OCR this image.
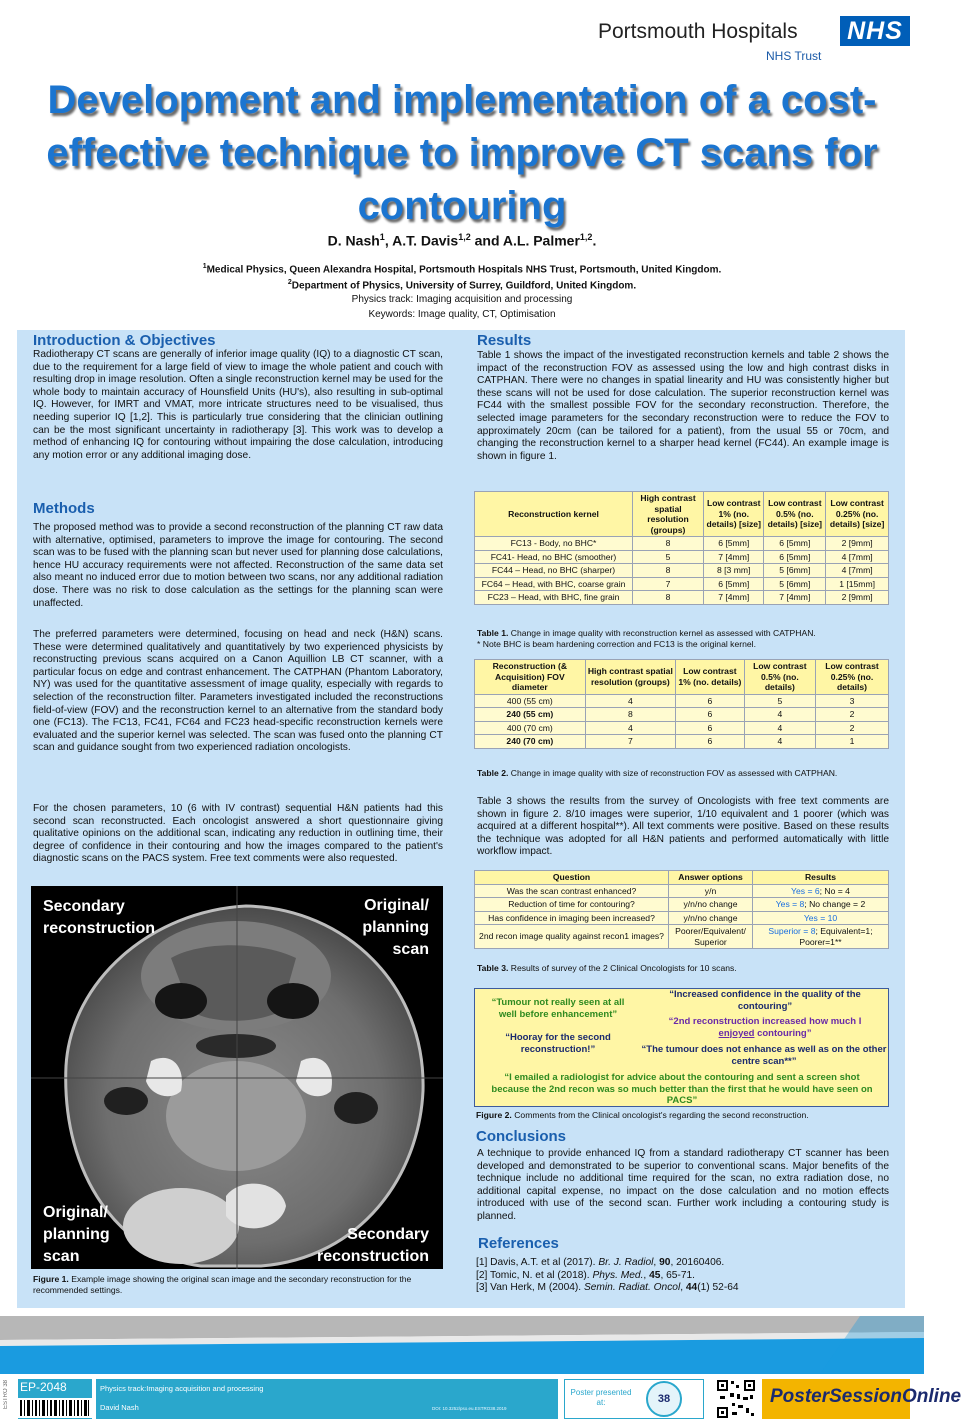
Portsmouth Hospitals
NHS Trust
NHS
Development and implementation of a cost-effective technique to improve CT scans for contouring
D. Nash$^1$, A.T. Davis$^{1,2}$ and A.L. Palmer$^{1,2}$.
$^1$Medical Physics, Queen Alexandra Hospital, Portsmouth Hospitals NHS Trust, Portsmouth, United Kingdom.
$^2$Department of Physics, University of Surrey, Guildford, United Kingdom.
Physics track: Imaging acquisition and processing
Keywords: Image quality, CT, Optimisation
Introduction & Objectives
Radiotherapy CT scans are generally of inferior image quality (IQ) to a diagnostic CT scan, due to the requirement for a large field of view to image the whole patient and couch with resulting drop in image resolution. Often a single reconstruction kernel may be used for the whole body to maintain accuracy of Hounsfield Units (HU's), also resulting in sub-optimal IQ. However, for IMRT and VMAT, more intricate structures need to be visualised, thus needing superior IQ [1,2]. This is particularly true considering that the clinician outlining can be the most significant uncertainty in radiotherapy [3]. This work was to develop a method of enhancing IQ for contouring without impairing the dose calculation, introducing any motion error or any additional imaging dose.
Methods
The proposed method was to provide a second reconstruction of the planning CT raw data with alternative, optimised, parameters to improve the image for contouring. The second scan was to be fused with the planning scan but never used for planning dose calculations, hence HU accuracy requirements were not affected. Reconstruction of the same data set also meant no induced error due to motion between two scans, nor any additional radiation dose. There was no risk to dose calculation as the settings for the planning scan were unaffected.
The preferred parameters were determined, focusing on head and neck (H&N) scans. These were determined qualitatively and quantitatively by two experienced physicists by reconstructing previous scans acquired on a Canon Aquillion LB CT scanner, with a particular focus on edge and contrast enhancement. The CATPHAN (Phantom Laboratory, NY) was used for the quantitative assessment of image quality, especially with regards to selection of the reconstruction filter. Parameters investigated included the reconstructions field-of-view (FOV) and the reconstruction kernel to an alternative from the standard body one (FC13). The FC13, FC41, FC64 and FC23 head-specific reconstruction kernels were evaluated and the superior kernel was selected. The scan was fused onto the planning CT scan and guidance sought from two experienced radiation oncologists.
For the chosen parameters, 10 (6 with IV contrast) sequential H&N patients had this second scan reconstructed. Each oncologist answered a short questionnaire giving qualitative opinions on the additional scan, indicating any reduction in outlining time, their degree of confidence in their contouring and how the images compared to the patient's diagnostic scans on the PACS system. Free text comments were also requested.
Secondary
reconstruction
Original/
planning
scan
Original/
planning
scan
Secondary
reconstruction
Figure 1. Example image showing the original scan image and the secondary reconstruction for the recommended settings.
Results
Table 1 shows the impact of the investigated reconstruction kernels and table 2 shows the impact of the reconstruction FOV as assessed using the low and high contrast disks in CATPHAN. There were no changes in spatial linearity and HU was consistently higher but these scans will not be used for dose calculation. The superior reconstruction kernel was FC44 with the smallest possible FOV for the secondary reconstruction. Therefore, the selected image parameters for the secondary reconstruction were to reduce the FOV to approximately 20cm (can be tailored for a patient), from the usual 55 or 70cm, and changing the reconstruction kernel to a sharper head kernel (FC44). An example image is shown in figure 1.
Reconstruction kernel	High contrast spatial resolution (groups)	Low contrast 1% (no. details) [size]	Low contrast 0.5% (no. details) [size]	Low contrast 0.25% (no. details) [size]
FC13 - Body, no BHC*	8	6 [5mm]	6 [5mm]	2 [9mm]
FC41- Head, no BHC (smoother)	5	7 [4mm]	6 [5mm]	4 [7mm]
FC44 – Head, no BHC (sharper)	8	8 [3 mm]	5 [6mm]	4 [7mm]
FC64 – Head, with BHC, coarse grain	7	6 [5mm]	5 [6mm]	1 [15mm]
FC23 – Head, with BHC, fine grain	8	7 [4mm]	7 [4mm]	2 [9mm]
Table 1. Change in image quality with reconstruction kernel as assessed with CATPHAN.
* Note BHC is beam hardening correction and FC13 is the original kernel.
Reconstruction (& Acquisition) FOV diameter	High contrast spatial resolution (groups)	Low contrast 1% (no. details)	Low contrast 0.5% (no. details)	Low contrast 0.25% (no. details)
400 (55 cm)	4	6	5	3
240 (55 cm)	8	6	4	2
400 (70 cm)	4	6	4	2
240 (70 cm)	7	6	4	1
Table 2. Change in image quality with size of reconstruction FOV as assessed with CATPHAN.
Table 3 shows the results from the survey of Oncologists with free text comments are shown in figure 2. 8/10 images were superior, 1/10 equivalent and 1 poorer (which was acquired at a different hospital**). All text comments were positive. Based on these results the technique was adopted for all H&N patients and performed automatically with little workflow impact.
Question	Answer options	Results
Was the scan contrast enhanced?	y/n	Yes = 6; No = 4
Reduction of time for contouring?	y/n/no change	Yes = 8; No change = 2
Has confidence in imaging been increased?	y/n/no change	Yes = 10
2nd recon image quality against recon1 images?	Poorer/Equivalent/ Superior	Superior = 8; Equivalent=1; Poorer=1**
Table 3. Results of survey of the 2 Clinical Oncologists for 10 scans.
“Tumour not really seen at all well before enhancement”
“Increased confidence in the quality of the contouring”
“2nd reconstruction increased how much I enjoyed contouring”
“Hooray for the second reconstruction!”	“The tumour does not enhance as well as on the other centre scan**”
“I emailed a radiologist for advice about the contouring and sent a screen shot because the 2nd recon was so much better than the first that he would have seen on PACS”
Figure 2. Comments from the Clinical oncologist's regarding the second reconstruction.
Conclusions
A technique to provide enhanced IQ from a standard radiotherapy CT scanner has been developed and demonstrated to be superior to conventional scans. Major benefits of the technique include no additional time required for the scan, no extra radiation dose, no additional capital expense, no impact on the dose calculation and no motion effects introduced with use of the second scan. Further work including a contouring study is planned.
References
[1] Davis, A.T. et al (2017). Br. J. Radiol, 90, 20160406.
[2] Tomic, N. et al (2018). Phys. Med., 45, 65-71.
[3] Van Herk, M (2004). Semin. Radiat. Oncol, 44(1) 52-64
ESTRO 38 EP-2048	Physics track:Imaging acquisition and processing
David Nash	DOI: 10.3252/pso.eu.ESTRO38.2019
Poster presented at:	38	PosterSessionOnline
